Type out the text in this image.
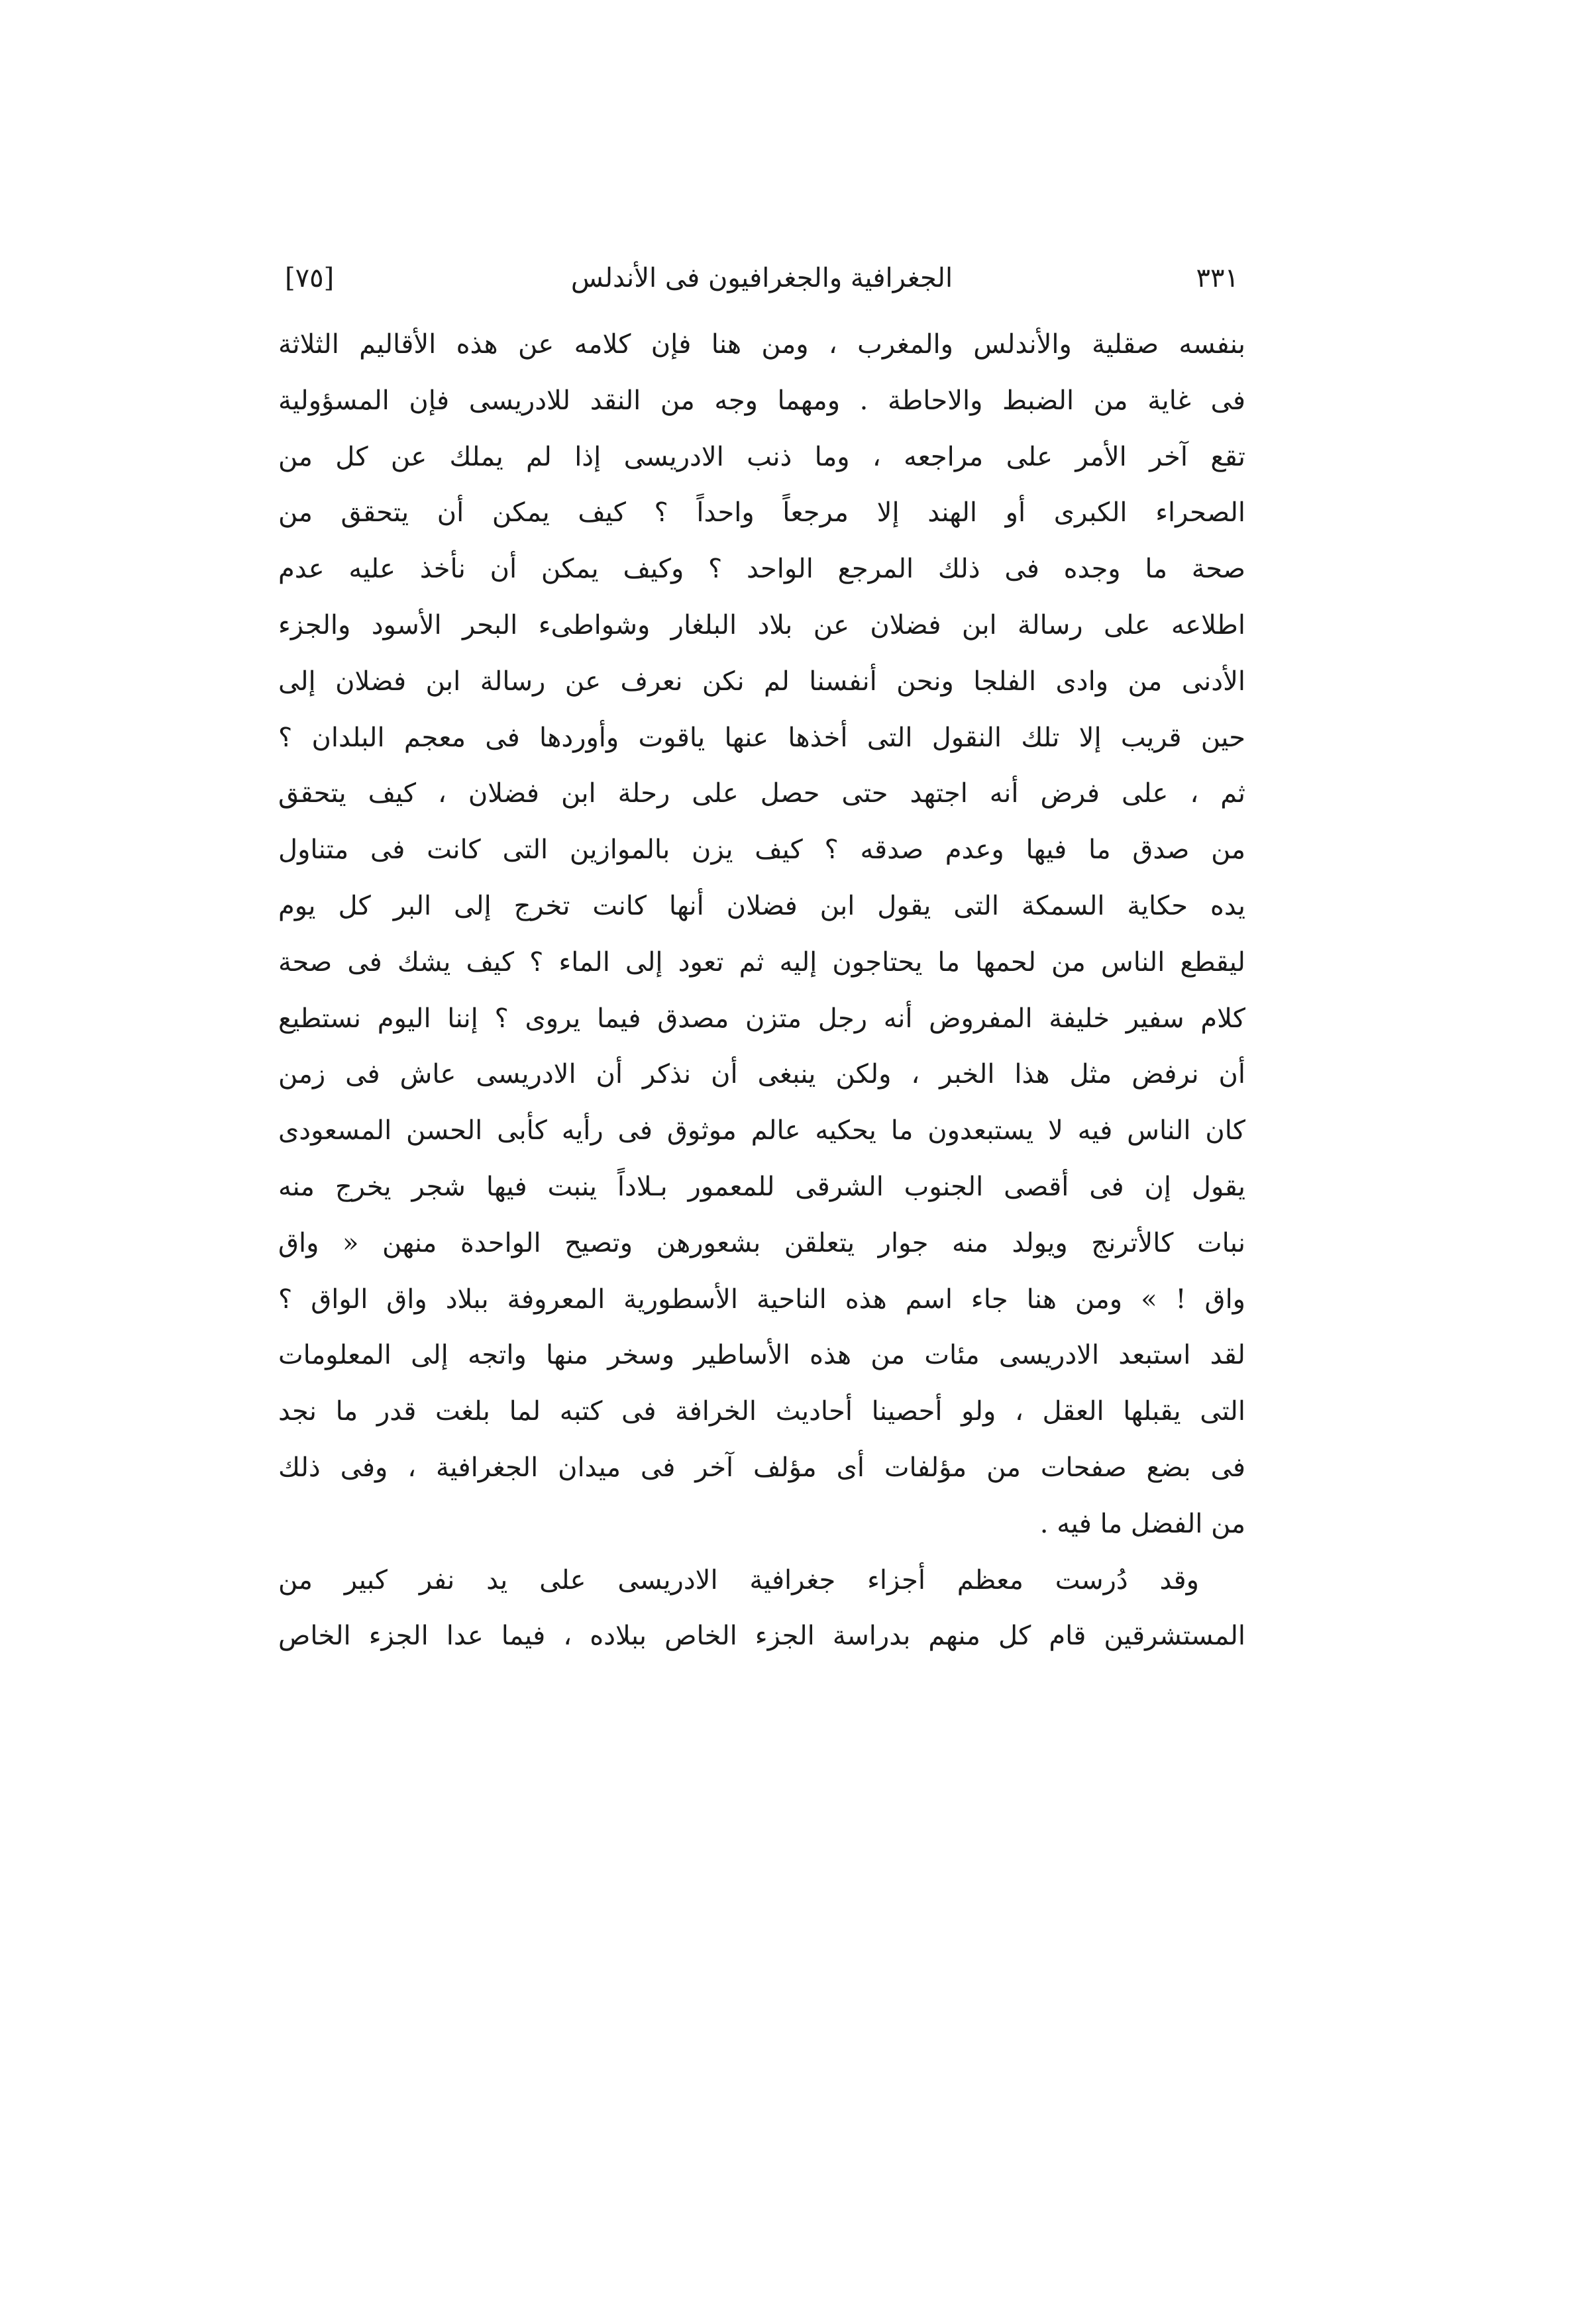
[٧٥]	الجغرافية والجغرافيون فى الأندلس	٣٣١
بنفسه صقلية والأندلس والمغرب ، ومن هنا فإن كلامه عن هذه الأقاليم الثلاثة
فى غاية من الضبط والاحاطة . ومهما وجه من النقد للادريسى فإن المسؤولية
تقع آخر الأمر على مراجعه ، وما ذنب الادريسى إذا لم يملك عن كل من
الصحراء الكبرى أو الهند إلا مرجعاً واحداً ؟ كيف يمكن أن يتحقق من
صحة ما وجده فى ذلك المرجع الواحد ؟ وكيف يمكن أن نأخذ عليه عدم
اطلاعه على رسالة ابن فضلان عن بلاد البلغار وشواطىء البحر الأسود والجزء
الأدنى من وادى الفلجا ونحن أنفسنا لم نكن نعرف عن رسالة ابن فضلان إلى
حين قريب إلا تلك النقول التى أخذها عنها ياقوت وأوردها فى معجم البلدان ؟
ثم ، على فرض أنه اجتهد حتى حصل على رحلة ابن فضلان ، كيف يتحقق
من صدق ما فيها وعدم صدقه ؟ كيف يزن بالموازين التى كانت فى متناول
يده حكاية السمكة التى يقول ابن فضلان أنها كانت تخرج إلى البر كل يوم
ليقطع الناس من لحمها ما يحتاجون إليه ثم تعود إلى الماء ؟ كيف يشك فى صحة
كلام سفير خليفة المفروض أنه رجل متزن مصدق فيما يروى ؟ إننا اليوم نستطيع
أن نرفض مثل هذا الخبر ، ولكن ينبغى أن نذكر أن الادريسى عاش فى زمن
كان الناس فيه لا يستبعدون ما يحكيه عالم موثوق فى رأيه كأبى الحسن المسعودى
يقول إن فى أقصى الجنوب الشرقى للمعمور بـلاداً ينبت فيها شجر يخرج منه
نبات كالأترنج ويولد منه جوار يتعلقن بشعورهن وتصيح الواحدة منهن « واق
واق ! » ومن هنا جاء اسم هذه الناحية الأسطورية المعروفة ببلاد واق الواق ؟
لقد استبعد الادريسى مئات من هذه الأساطير وسخر منها واتجه إلى المعلومات
التى يقبلها العقل ، ولو أحصينا أحاديث الخرافة فى كتبه لما بلغت قدر ما نجد
فى بضع صفحات من مؤلفات أى مؤلف آخر فى ميدان الجغرافية ، وفى ذلك
من الفضل ما فيه .
وقد دُرست معظم أجزاء جغرافية الادريسى على يد نفر كبير من
المستشرقين قام كل منهم بدراسة الجزء الخاص ببلاده ، فيما عدا الجزء الخاص
